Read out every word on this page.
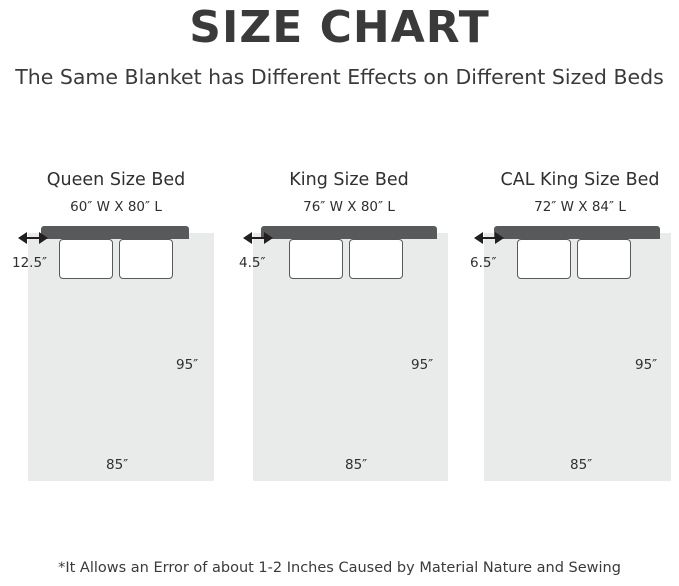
SIZE CHART
The Same Blanket has Different Effects on Different Sized Beds
Queen Size Bed
60″ W X 80″ L
12.5″
95″
85″
King Size Bed
76″ W X 80″ L
4.5″
95″
85″
CAL King Size Bed
72″ W X 84″ L
6.5″
95″
85″
*It Allows an Error of about 1-2 Inches Caused by Material Nature and Sewing
